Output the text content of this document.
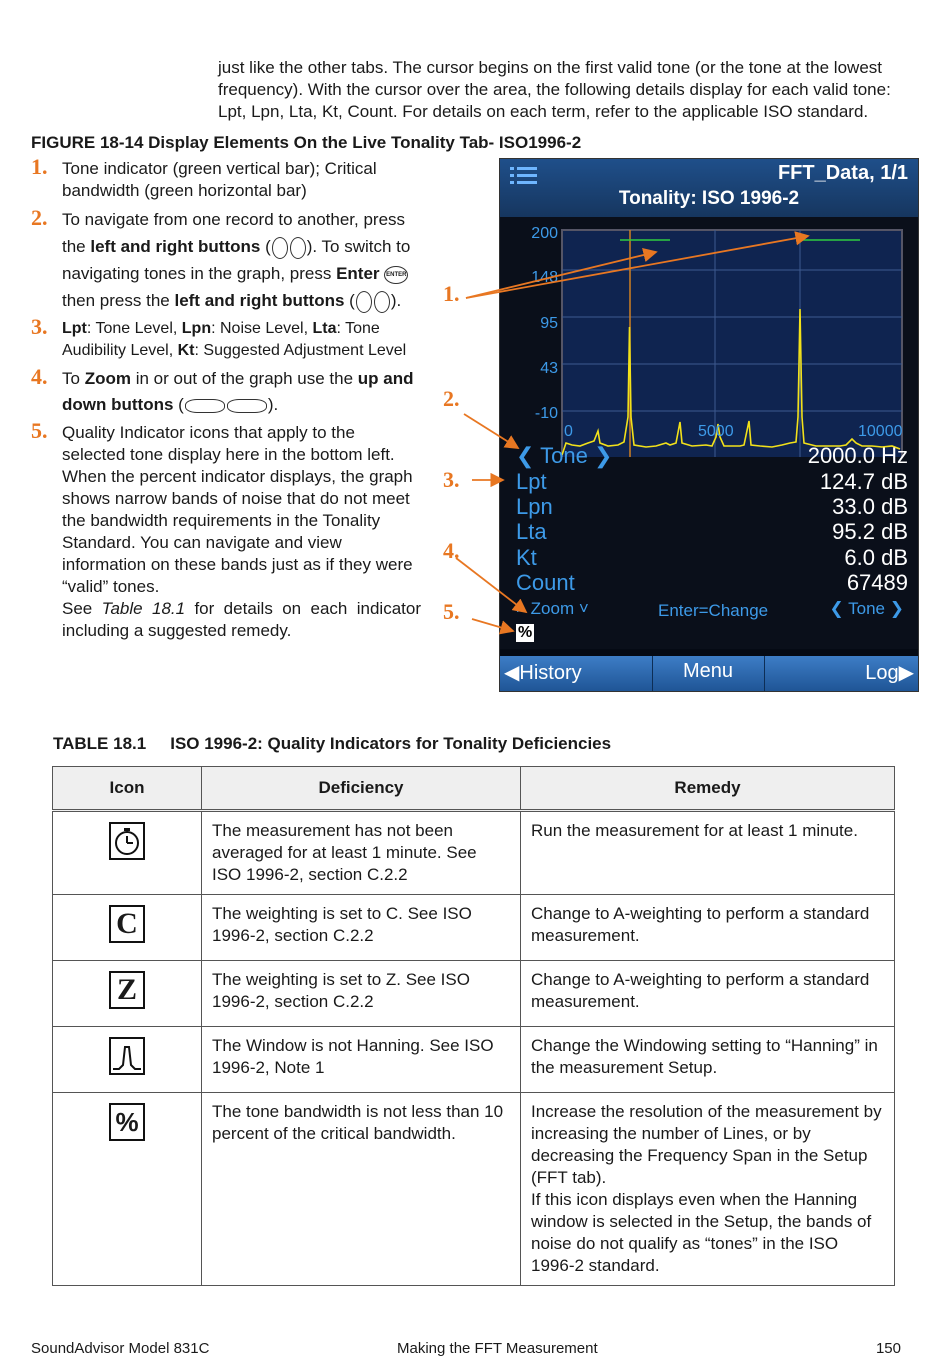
just like the other tabs. The cursor begins on the first valid tone (or the tone at the lowest frequency). With the cursor over the area, the following details display for each valid tone: Lpt, Lpn, Lta, Kt, Count. For details on each term, refer to the applicable ISO standard.

FIGURE 18-14 Display Elements On the Live Tonality Tab- ISO1996-2
1. Tone indicator (green vertical bar); Critical bandwidth (green horizontal bar)
2. To navigate from one record to another, press the left and right buttons ( ). To switch to navigating tones in the graph, press Enter ENTER then press the left and right buttons ( ).
3. Lpt: Tone Level, Lpn: Noise Level, Lta: Tone Audibility Level, Kt: Suggested Adjustment Level
4. To Zoom in or out of the graph use the up and down buttons (	).
5. Quality Indicator icons that apply to the selected tone display here in the bottom left. When the percent indicator displays, the graph shows narrow bands of noise that do not meet the bandwidth requirements in the Tonality Standard. You can navigate and view information on these bands just as if they were “valid” tones.

See Table 18.1 for details on each indicator including a suggested remedy.
1.
2.
3.
4.
5.
FFT_Data, 1/1
Tonality: ISO 1996-2
200
148
95
43
-10
0	5000	10000
❮ Tone ❯	2000.0 Hz
Lpt	124.7 dB
Lpn	33.0 dB
Lta	95.2 dB
Kt	6.0 dB
Count	67489
˄ Zoom ˅	Enter=Change	❮ Tone ❯
%
◀History	Menu	Log▶
TABLE 18.1 ISO 1996-2: Quality Indicators for Tonality Deficiencies
Icon	Deficiency	Remedy

	The measurement has not been averaged for at least 1 minute. See ISO 1996-2, section C.2.2	Run the measurement for at least 1 minute.
C	The weighting is set to C. See ISO 1996-2, section C.2.2	Change to A-weighting to perform a standard measurement.
Z	The weighting is set to Z. See ISO 1996-2, section C.2.2	Change to A-weighting to perform a standard measurement.

	The Window is not Hanning. See ISO 1996-2, Note 1	Change the Windowing setting to “Hanning” in the measurement Setup.
%	The tone bandwidth is not less than 10 percent of the critical bandwidth.	Increase the resolution of the measurement by increasing the number of Lines, or by decreasing the Frequency Span in the Setup (FFT tab).
If this icon displays even when the Hanning window is selected in the Setup, the bands of noise do not qualify as “tones” in the ISO 1996-2 standard.
SoundAdvisor Model 831C	Making the FFT Measurement	150
